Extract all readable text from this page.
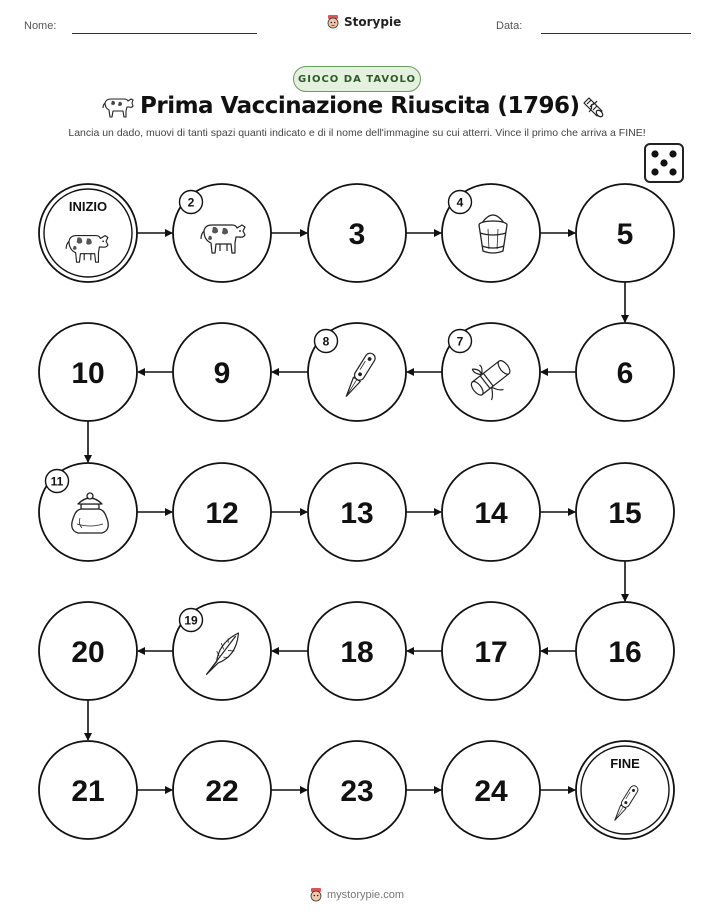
Nome:	Storypie	Data:
GIOCO DA TAVOLO
Prima Vaccinazione Riuscita (1796)
Lancia un dado, muovi di tanti spazi quanti indicato e di il nome dell'immagine su cui atterri. Vince il primo che arriva a FINE!
INIZIO	2
3
4
5
6
7
8
9
10
11
12	13	14	15
16
17
18
19
20
21	22	23	24
FINE
mystorypie.com
